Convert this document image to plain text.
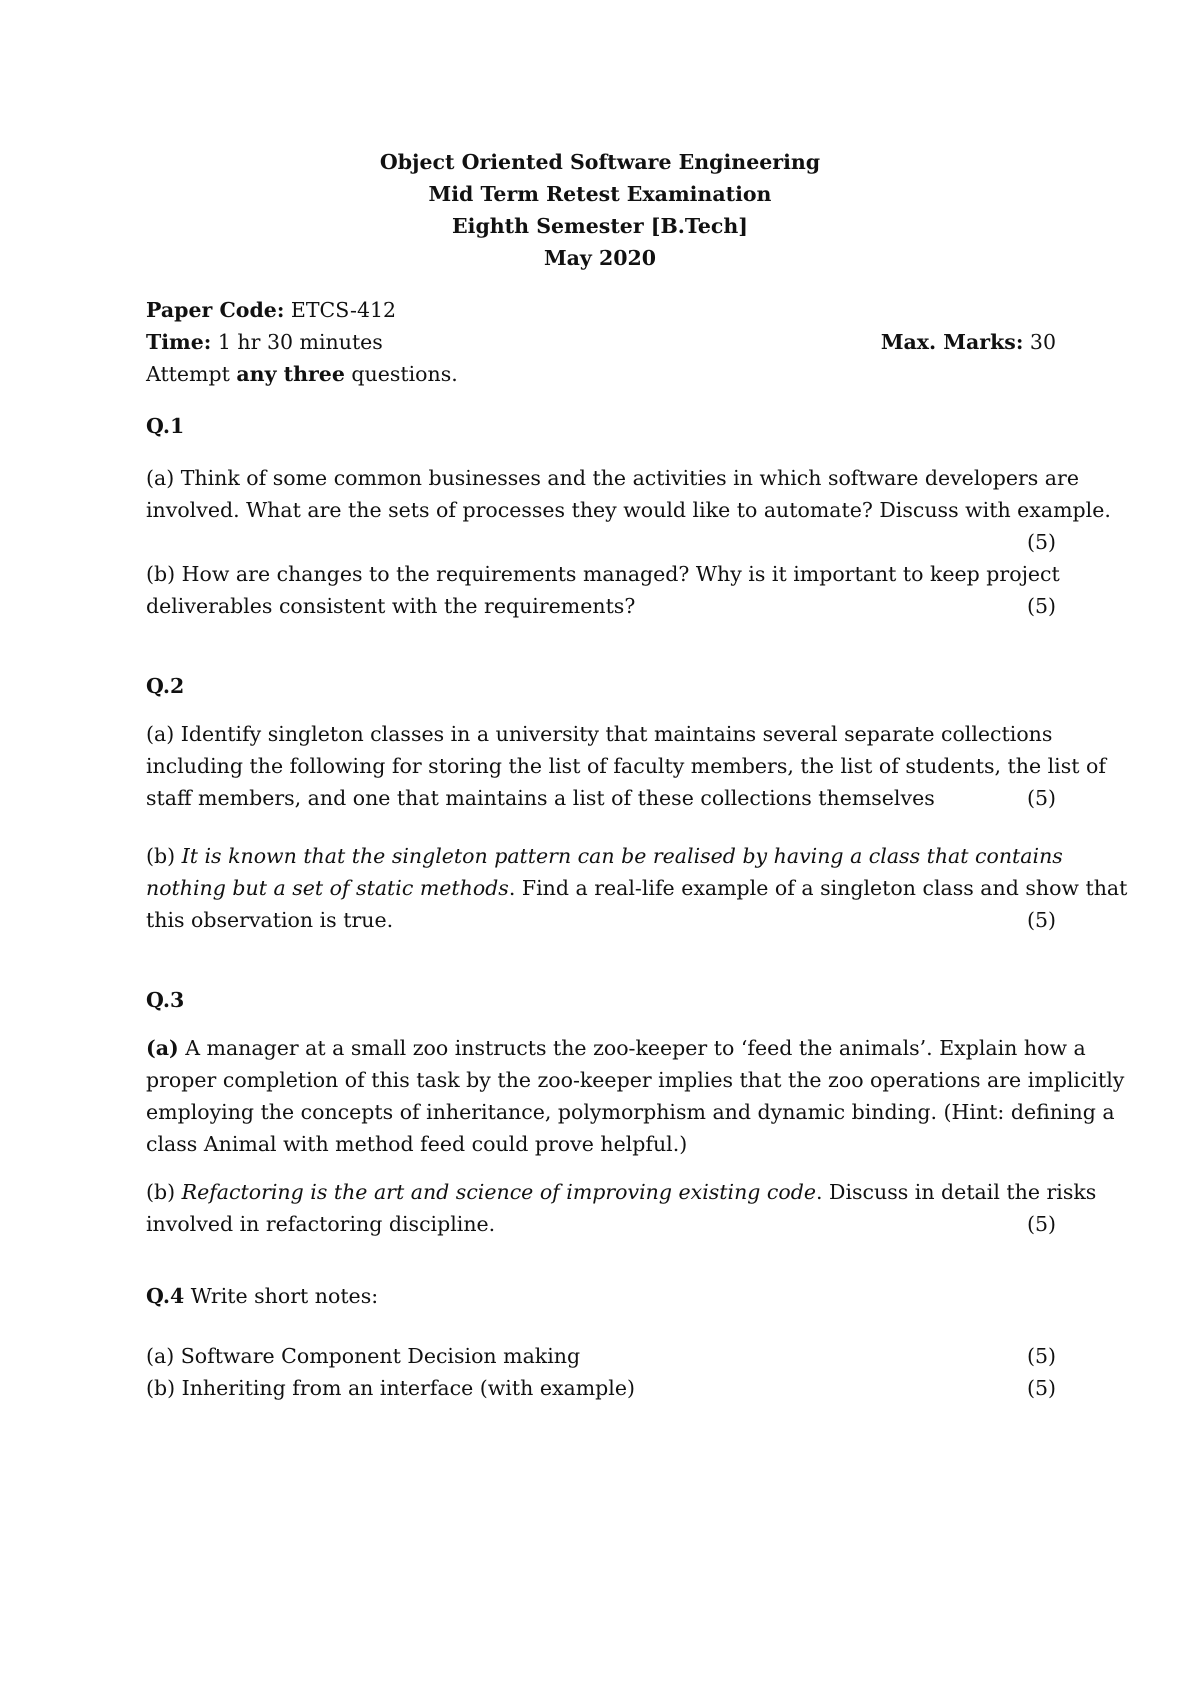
Object Oriented Software Engineering
Mid Term Retest Examination
Eighth Semester [B.Tech]
May 2020
Paper Code: ETCS-412
Time: 1 hr 30 minutes	Max. Marks: 30
Attempt any three questions.
Q.1
(a) Think of some common businesses and the activities in which software developers are
involved. What are the sets of processes they would like to automate? Discuss with example.
(5)
(b) How are changes to the requirements managed? Why is it important to keep project
deliverables consistent with the requirements?	(5)
Q.2
(a) Identify singleton classes in a university that maintains several separate collections
including the following for storing the list of faculty members, the list of students, the list of
staff members, and one that maintains a list of these collections themselves	(5)
(b) It is known that the singleton pattern can be realised by having a class that contains
nothing but a set of static methods. Find a real-life example of a singleton class and show that
this observation is true.	(5)
Q.3
(a) A manager at a small zoo instructs the zoo-keeper to ‘feed the animals’. Explain how a
proper completion of this task by the zoo-keeper implies that the zoo operations are implicitly
employing the concepts of inheritance, polymorphism and dynamic binding. (Hint: defining a
class Animal with method feed could prove helpful.)
(b) Refactoring is the art and science of improving existing code. Discuss in detail the risks
involved in refactoring discipline.	(5)
Q.4 Write short notes:
(a) Software Component Decision making	(5)
(b) Inheriting from an interface (with example)	(5)
